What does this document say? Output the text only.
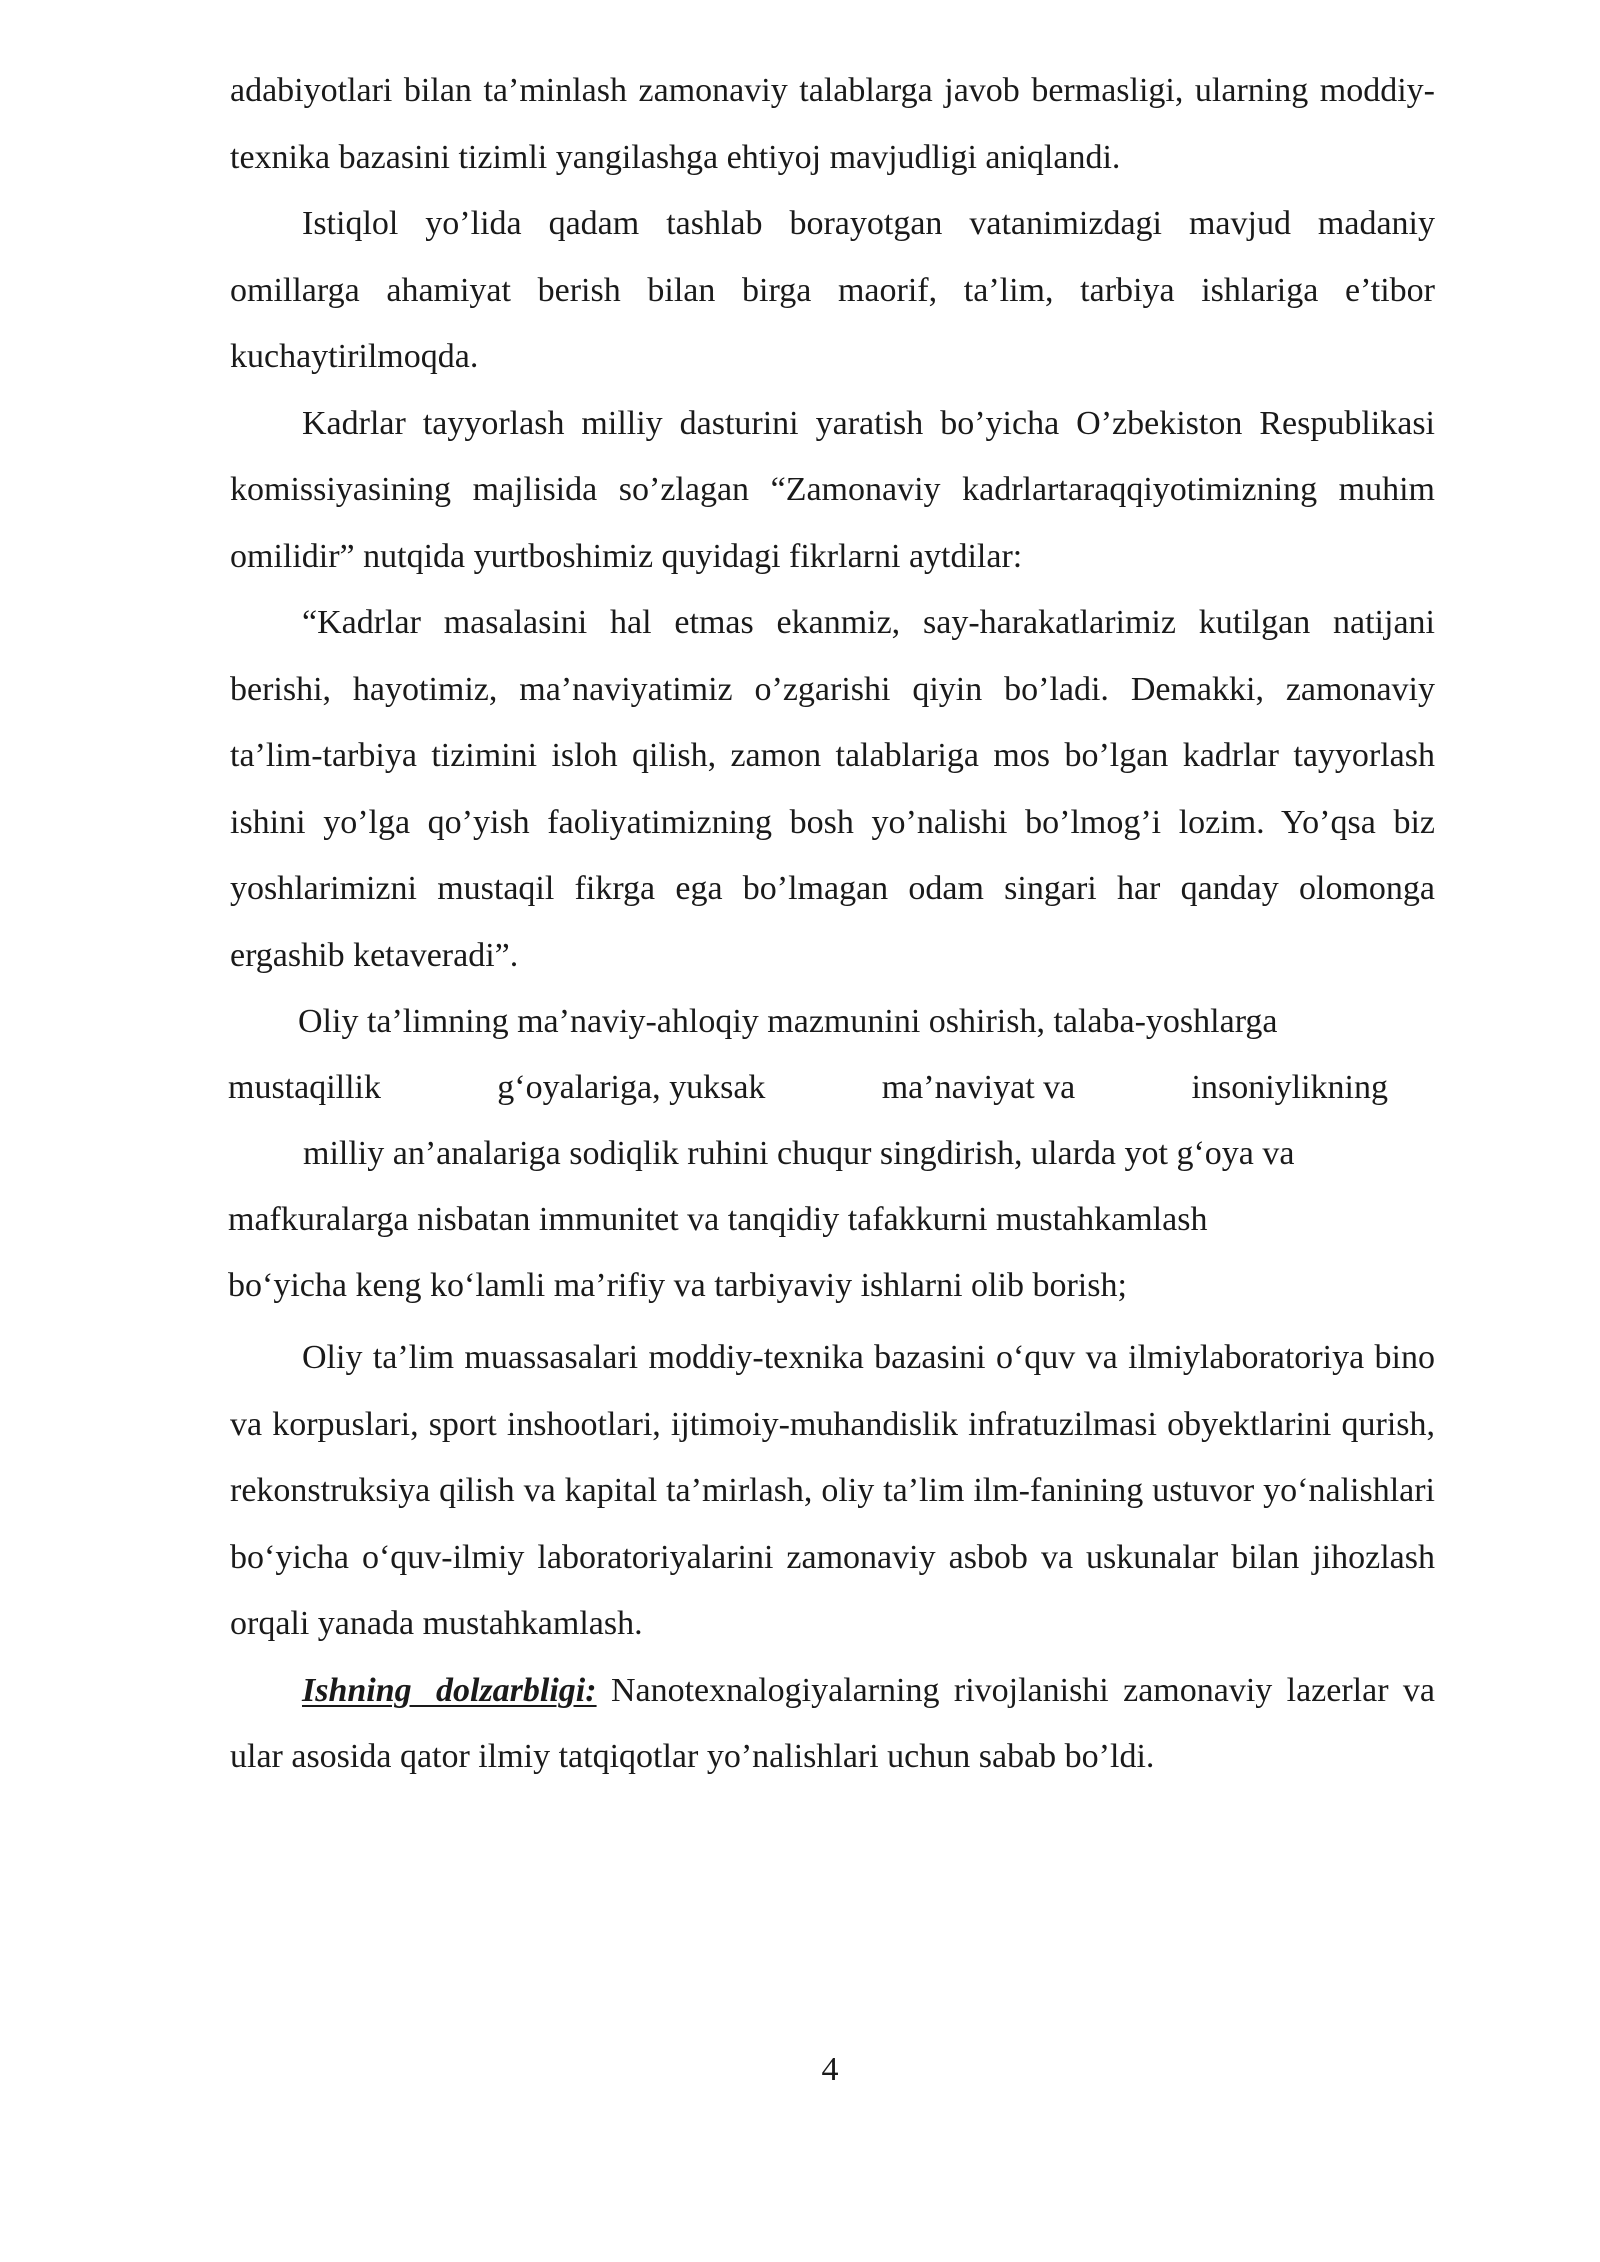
adabiyotlari bilan ta’minlash zamonaviy talablarga javob bermasligi, ularning moddiy-texnika bazasini tizimli yangilashga ehtiyoj mavjudligi aniqlandi.

Istiqlol yo’lida qadam tashlab borayotgan vatanimizdagi mavjud madaniy omillarga ahamiyat berish bilan birga maorif, ta’lim, tarbiya ishlariga e’tibor kuchaytirilmoqda.

Kadrlar tayyorlash milliy dasturini yaratish bo’yicha O’zbekiston Respublikasi komissiyasining majlisida so’zlagan “Zamonaviy kadrlartaraqqiyotimizning muhim omilidir” nutqida yurtboshimiz quyidagi fikrlarni aytdilar:

“Kadrlar masalasini hal etmas ekanmiz, say-harakatlarimiz kutilgan natijani berishi, hayotimiz, ma’naviyatimiz o’zgarishi qiyin bo’ladi. Demakki, zamonaviy ta’lim-tarbiya tizimini isloh qilish, zamon talablariga mos bo’lgan kadrlar tayyorlash ishini yo’lga qo’yish faoliyatimizning bosh yo’nalishi bo’lmog’i lozim. Yo’qsa biz yoshlarimizni mustaqil fikrga ega bo’lmagan odam singari har qanday olomonga ergashib ketaveradi”.

Oliy ta’limning ma’naviy-ahloqiy mazmunini oshirish, talaba-yoshlarga

mustaqillik	g‘oyalariga, yuksak	ma’naviyat va	insoniylikning

milliy an’analariga sodiqlik ruhini chuqur singdirish, ularda yot g‘oya va

mafkuralarga nisbatan immunitet va tanqidiy tafakkurni mustahkamlash

bo‘yicha keng ko‘lamli ma’rifiy va tarbiyaviy ishlarni olib borish;

Oliy ta’lim muassasalari moddiy-texnika bazasini o‘quv va ilmiylaboratoriya bino va korpuslari, sport inshootlari, ijtimoiy-muhandislik infratuzilmasi obyektlarini qurish, rekonstruksiya qilish va kapital ta’mirlash, oliy ta’lim ilm-fanining ustuvor yo‘nalishlari bo‘yicha o‘quv-ilmiy laboratoriyalarini zamonaviy asbob va uskunalar bilan jihozlash orqali yanada mustahkamlash.

Ishning dolzarbligi: Nanotexnalogiyalarning rivojlanishi zamonaviy lazerlar va ular asosida qator ilmiy tatqiqotlar yo’nalishlari uchun sabab bo’ldi.

4
